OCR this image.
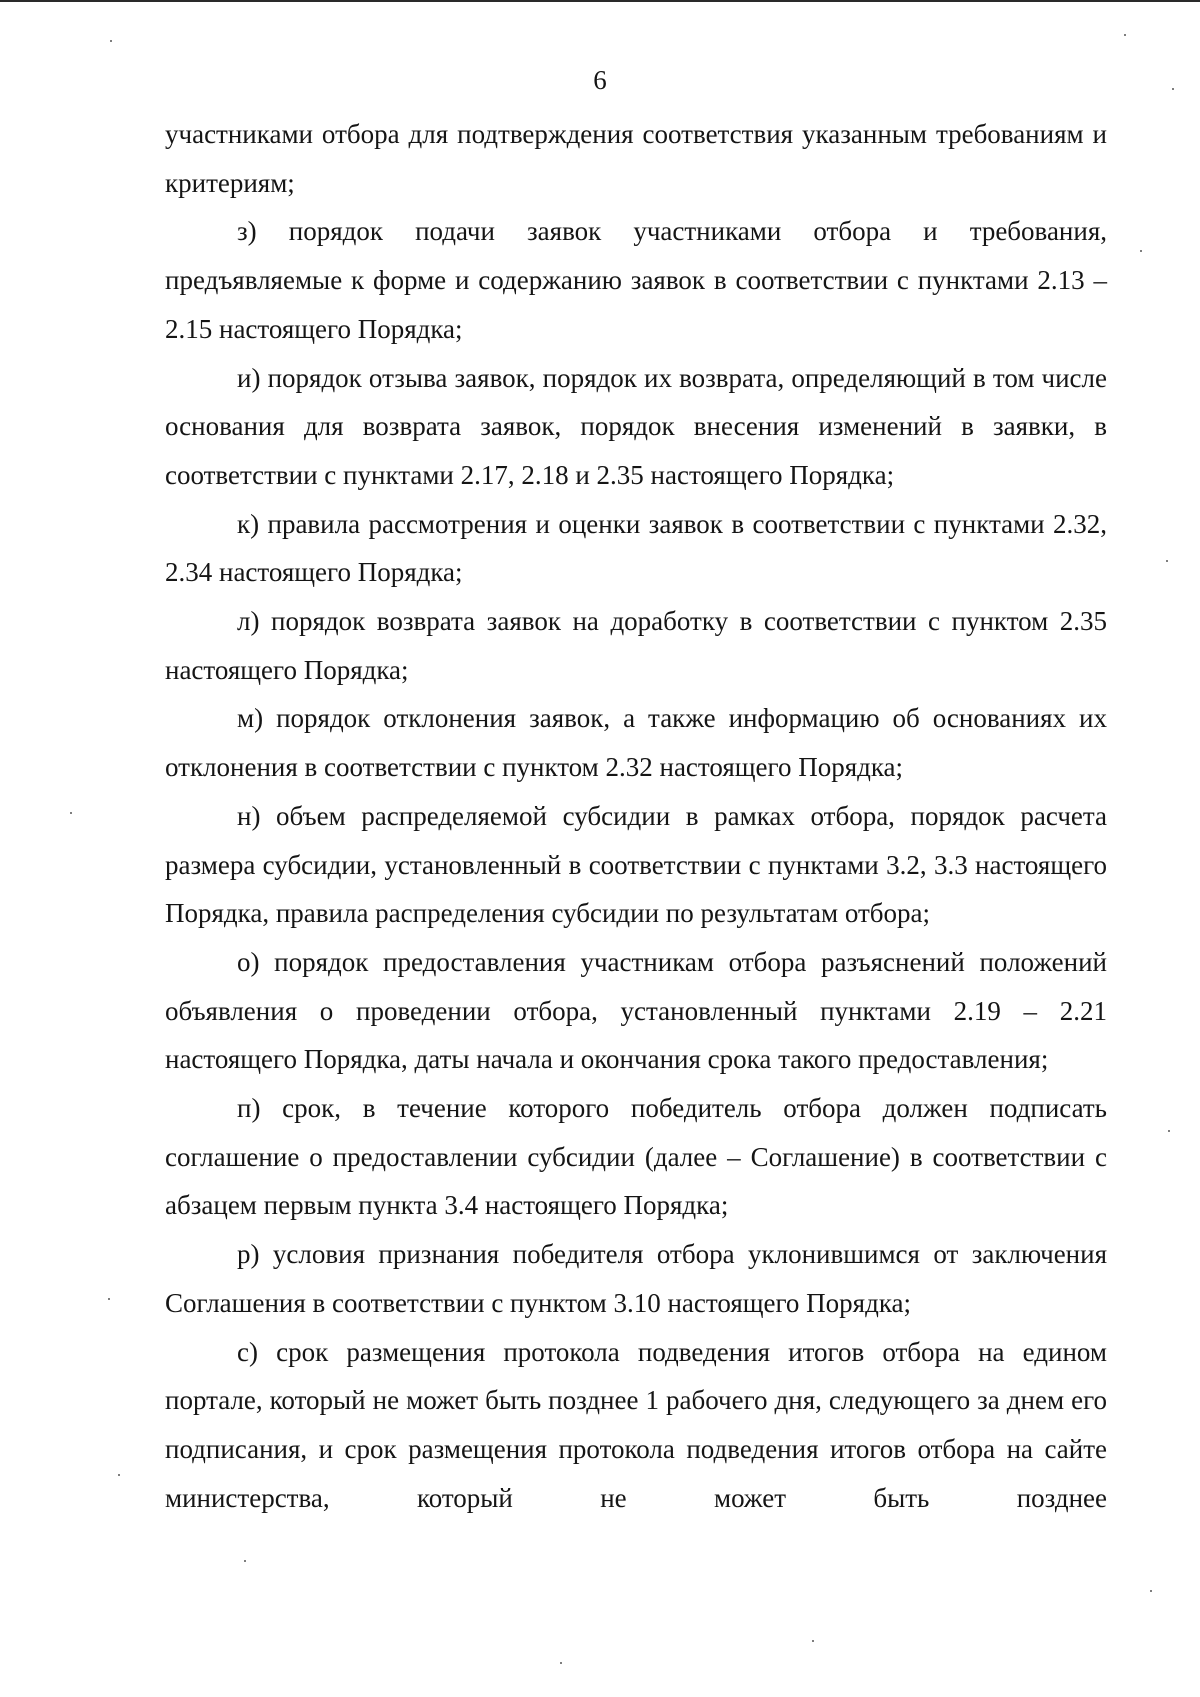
6

участниками отбора для подтверждения соответствия указанным требованиям и критериям;

з) порядок подачи заявок участниками отбора и требования, предъявляемые к форме и содержанию заявок в соответствии с пунктами 2.13 – 2.15 настоящего Порядка;

и) порядок отзыва заявок, порядок их возврата, определяющий в том числе основания для возврата заявок, порядок внесения изменений в заявки, в соответствии с пунктами 2.17, 2.18 и 2.35 настоящего Порядка;

к) правила рассмотрения и оценки заявок в соответствии с пунктами 2.32, 2.34 настоящего Порядка;

л) порядок возврата заявок на доработку в соответствии с пунктом 2.35 настоящего Порядка;

м) порядок отклонения заявок, а также информацию об основаниях их отклонения в соответствии с пунктом 2.32 настоящего Порядка;

н) объем распределяемой субсидии в рамках отбора, порядок расчета размера субсидии, установленный в соответствии с пунктами 3.2, 3.3 настоящего Порядка, правила распределения субсидии по результатам отбора;

о) порядок предоставления участникам отбора разъяснений положений объявления о проведении отбора, установленный пунктами 2.19 – 2.21 настоящего Порядка, даты начала и окончания срока такого предоставления;

п) срок, в течение которого победитель отбора должен подписать соглашение о предоставлении субсидии (далее – Соглашение) в соответствии с абзацем первым пункта 3.4 настоящего Порядка;

р) условия признания победителя отбора уклонившимся от заключения Соглашения в соответствии с пунктом 3.10 настоящего Порядка;

с) срок размещения протокола подведения итогов отбора на едином портале, который не может быть позднее 1 рабочего дня, следующего за днем его подписания, и срок размещения протокола подведения итогов отбора на сайте министерства, который не может быть позднее
